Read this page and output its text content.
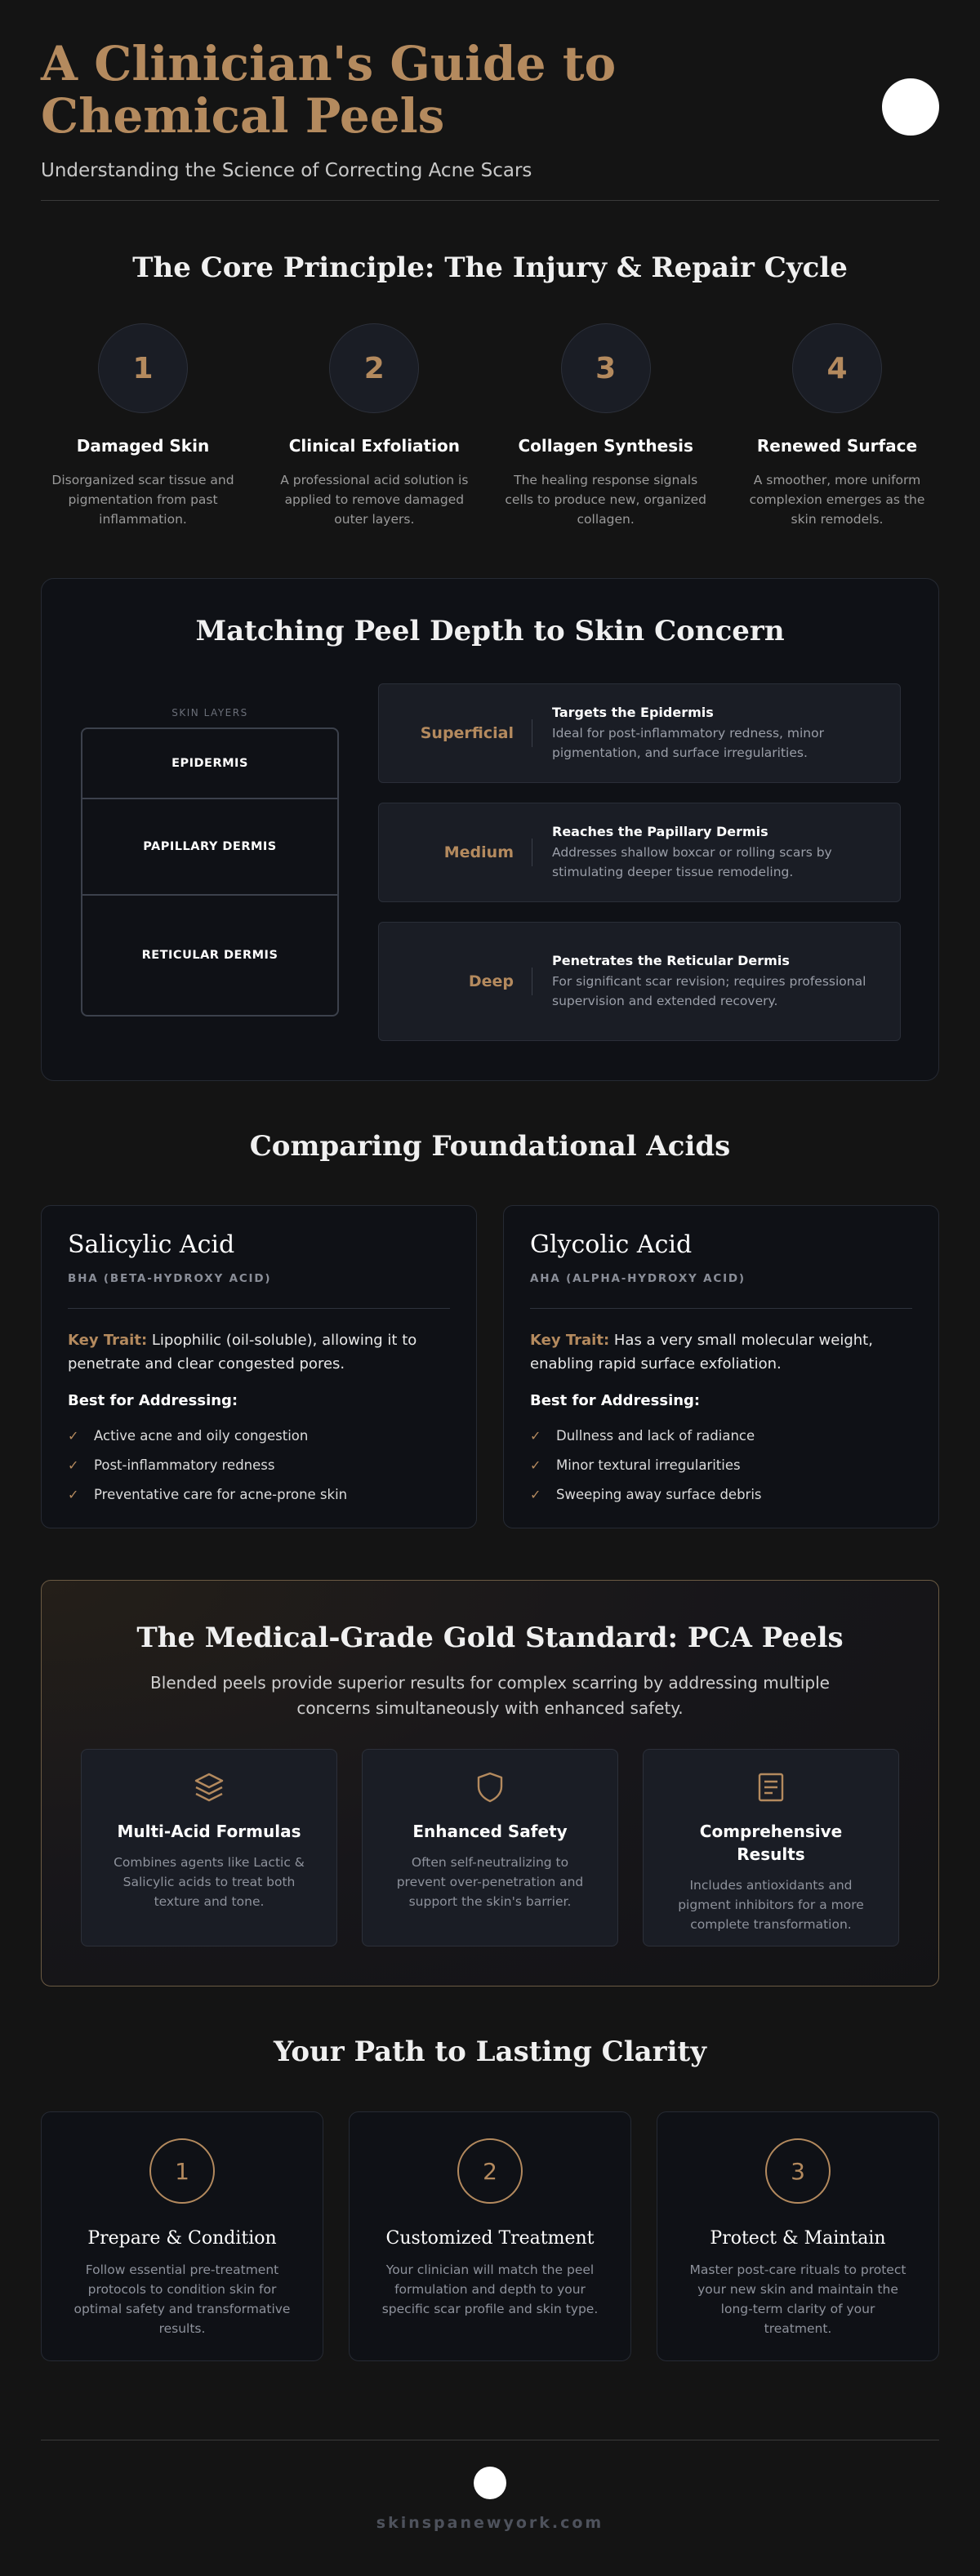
A Clinician's Guide to Chemical Peels
Understanding the Science of Correcting Acne Scars
The Core Principle: The Injury & Repair Cycle
1
Damaged Skin
Disorganized scar tissue and pigmentation from past inflammation.
2
Clinical Exfoliation
A professional acid solution is applied to remove damaged outer layers.
3
Collagen Synthesis
The healing response signals cells to produce new, organized collagen.
4
Renewed Surface
A smoother, more uniform complexion emerges as the skin remodels.
Matching Peel Depth to Skin Concern
SKIN LAYERS
EPIDERMIS
PAPILLARY DERMIS
RETICULAR DERMIS
Superficial
Targets the Epidermis
Ideal for post-inflammatory redness, minor pigmentation, and surface irregularities.
Medium
Reaches the Papillary Dermis
Addresses shallow boxcar or rolling scars by stimulating deeper tissue remodeling.
Deep
Penetrates the Reticular Dermis
For significant scar revision; requires professional supervision and extended recovery.
Comparing Foundational Acids
Salicylic Acid
BHA (BETA-HYDROXY ACID)
Key Trait: Lipophilic (oil-soluble), allowing it to penetrate and clear congested pores.
Best for Addressing:
✓ Active acne and oily congestion
✓ Post-inflammatory redness
✓ Preventative care for acne-prone skin
Glycolic Acid
AHA (ALPHA-HYDROXY ACID)
Key Trait: Has a very small molecular weight, enabling rapid surface exfoliation.
Best for Addressing:
✓ Dullness and lack of radiance
✓ Minor textural irregularities
✓ Sweeping away surface debris
The Medical-Grade Gold Standard: PCA Peels
Blended peels provide superior results for complex scarring by addressing multiple concerns simultaneously with enhanced safety.
Multi-Acid Formulas
Combines agents like Lactic & Salicylic acids to treat both texture and tone.
Enhanced Safety
Often self-neutralizing to prevent over-penetration and support the skin's barrier.
Comprehensive Results
Includes antioxidants and pigment inhibitors for a more complete transformation.
Your Path to Lasting Clarity
1
Prepare & Condition
Follow essential pre-treatment protocols to condition skin for optimal safety and transformative results.
2
Customized Treatment
Your clinician will match the peel formulation and depth to your specific scar profile and skin type.
3
Protect & Maintain
Master post-care rituals to protect your new skin and maintain the long-term clarity of your treatment.
skinspanewyork.com
